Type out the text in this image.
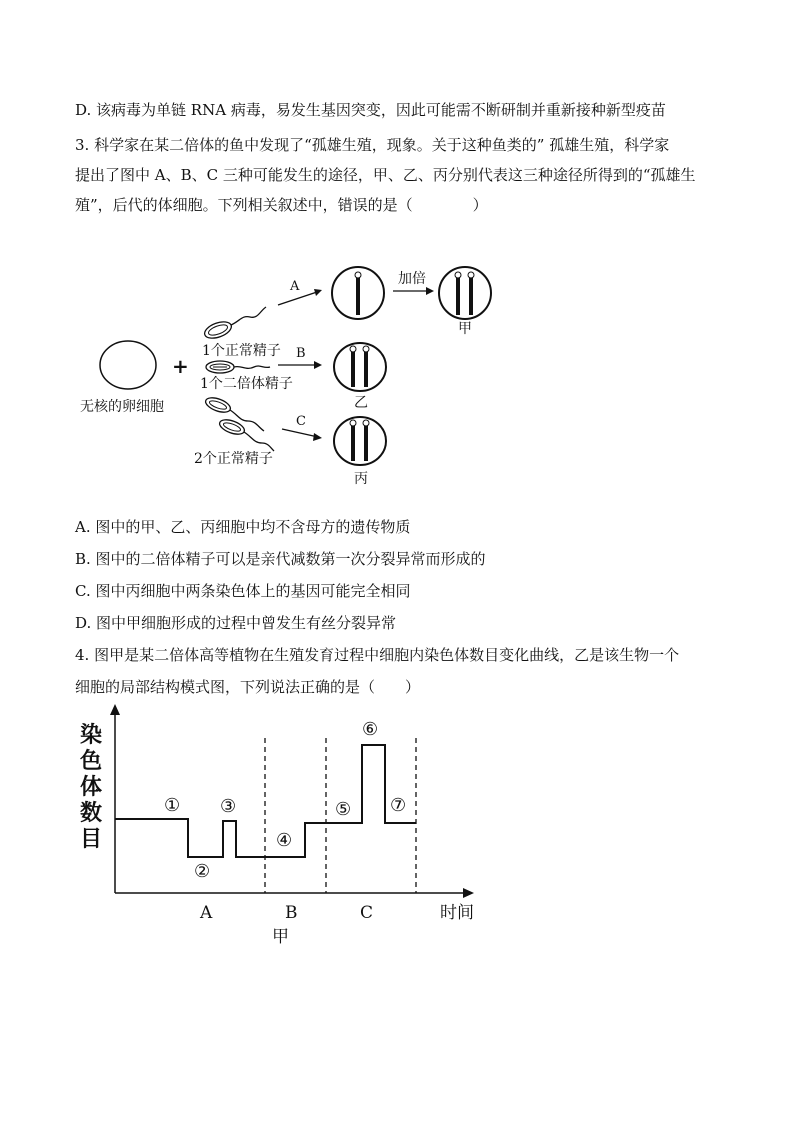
D. 该病毒为单链 RNA 病毒，易发生基因突变，因此可能需不断研制并重新接种新型疫苗
3. 科学家在某二倍体的鱼中发现了“孤雄生殖，现象。关于这种鱼类的” 孤雄生殖，科学家
提出了图中 A、B、C 三种可能发生的途径，甲、乙、丙分别代表这三种途径所得到的“孤雄生
殖”，后代的体细胞。下列相关叙述中，错误的是（　　　　）
无核的卵细胞
+
1个正常精子
A	加倍
甲
1个二倍体精子
B
乙
2个正常精子
C
丙
A. 图中的甲、乙、丙细胞中均不含母方的遗传物质
B. 图中的二倍体精子可以是亲代减数第一次分裂异常而形成的
C. 图中丙细胞中两条染色体上的基因可能完全相同
D. 图中甲细胞形成的过程中曾发生有丝分裂异常
4. 图甲是某二倍体高等植物在生殖发育过程中细胞内染色体数目变化曲线，乙是该生物一个
细胞的局部结构模式图，下列说法正确的是（　　）
染
色
体
数
目
①
②
③
④
⑤
⑥
⑦
A	B	C	时间
甲
